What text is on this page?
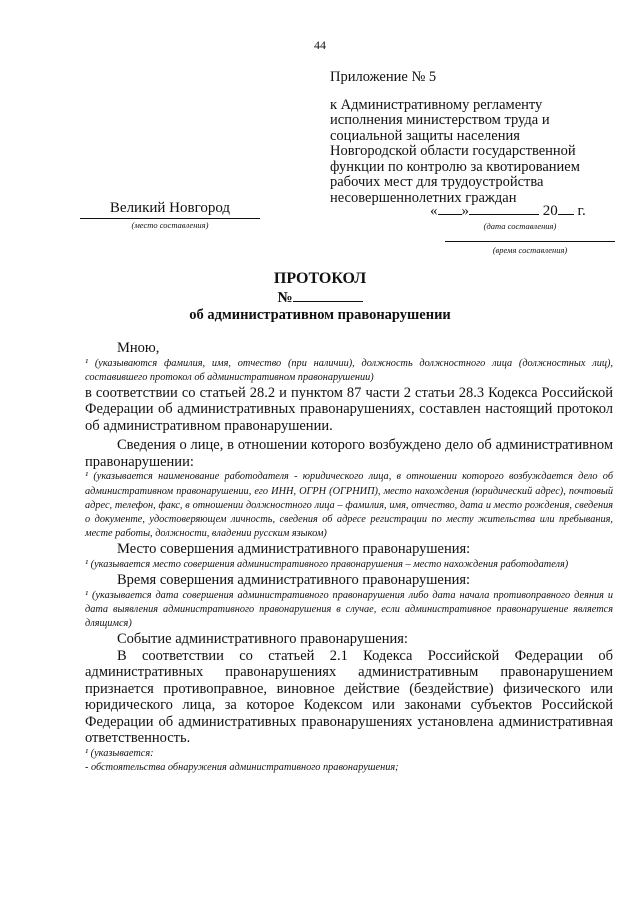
44
Приложение № 5
к Административному регламенту
исполнения министерством труда и
социальной защиты населения
Новгородской области государственной
функции по контролю за квотированием
рабочих мест для трудоустройства
несовершеннолетних граждан
Великий Новгород
(место составления)
« »	20 г.
(дата составления)
(время составления)
ПРОТОКОЛ
№
об административном правонарушении

Мною,

¹ (указываются фамилия, имя, отчество (при наличии), должность должностного лица (должностных лиц), составившего протокол об административном правонарушении)

в соответствии со статьей 28.2 и пунктом 87 части 2 статьи 28.3 Кодекса Российской Федерации об административных правонарушениях, составлен настоящий протокол об административном правонарушении.

Сведения о лице, в отношении которого возбуждено дело об административном правонарушении:

¹ (указывается наименование работодателя - юридического лица, в отношении которого возбуждается дело об административном правонарушении, его ИНН, ОГРН (ОГРНИП), место нахождения (юридический адрес), почтовый адрес, телефон, факс, в отношении должностного лица – фамилия, имя, отчество, дата и место рождения, сведения о документе, удостоверяющем личность, сведения об адресе регистрации по месту жительства или пребывания, месте работы, должности, владении русским языком)

Место совершения административного правонарушения:

¹ (указывается место совершения административного правонарушения – место нахождения работодателя)

Время совершения административного правонарушения:

¹ (указывается дата совершения административного правонарушения либо дата начала противоправного деяния и дата выявления административного правонарушения в случае, если административное правонарушение является длящимся)

Событие административного правонарушения:

В соответствии со статьей 2.1 Кодекса Российской Федерации об административных правонарушениях административным правонарушением признается противоправное, виновное действие (бездействие) физического или юридического лица, за которое Кодексом или законами субъектов Российской Федерации об административных правонарушениях установлена административная ответственность.

¹ (указывается:

- обстоятельства обнаружения административного правонарушения;
